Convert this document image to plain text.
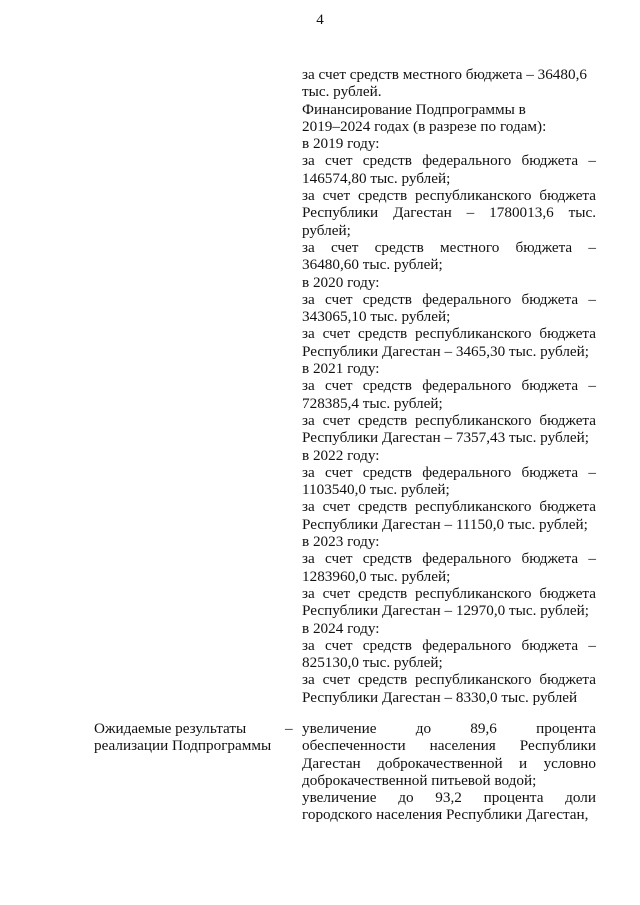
4
за счет средств местного бюджета – 36480,6
тыс. рублей.
Финансирование Подпрограммы в
2019–2024 годах (в разрезе по годам):
в 2019 году:
за счет средств федерального бюджета –
146574,80 тыс. рублей;
за счет средств республиканского бюджета
Республики Дагестан – 1780013,6 тыс.
рублей;
за счет средств местного бюджета –
36480,60 тыс. рублей;
в 2020 году:
за счет средств федерального бюджета –
343065,10 тыс. рублей;
за счет средств республиканского бюджета
Республики Дагестан – 3465,30 тыс. рублей;
в 2021 году:
за счет средств федерального бюджета –
728385,4 тыс. рублей;
за счет средств республиканского бюджета
Республики Дагестан – 7357,43 тыс. рублей;
в 2022 году:
за счет средств федерального бюджета –
1103540,0 тыс. рублей;
за счет средств республиканского бюджета
Республики Дагестан – 11150,0 тыс. рублей;
в 2023 году:
за счет средств федерального бюджета –
1283960,0 тыс. рублей;
за счет средств республиканского бюджета
Республики Дагестан – 12970,0 тыс. рублей;
в 2024 году:
за счет средств федерального бюджета –
825130,0 тыс. рублей;
за счет средств республиканского бюджета
Республики Дагестан – 8330,0 тыс. рублей
Ожидаемые результаты
реализации Подпрограммы
– увеличение до 89,6 процента
обеспеченности населения Республики
Дагестан доброкачественной и условно
доброкачественной питьевой водой;
увеличение до 93,2 процента доли
городского населения Республики Дагестан,
